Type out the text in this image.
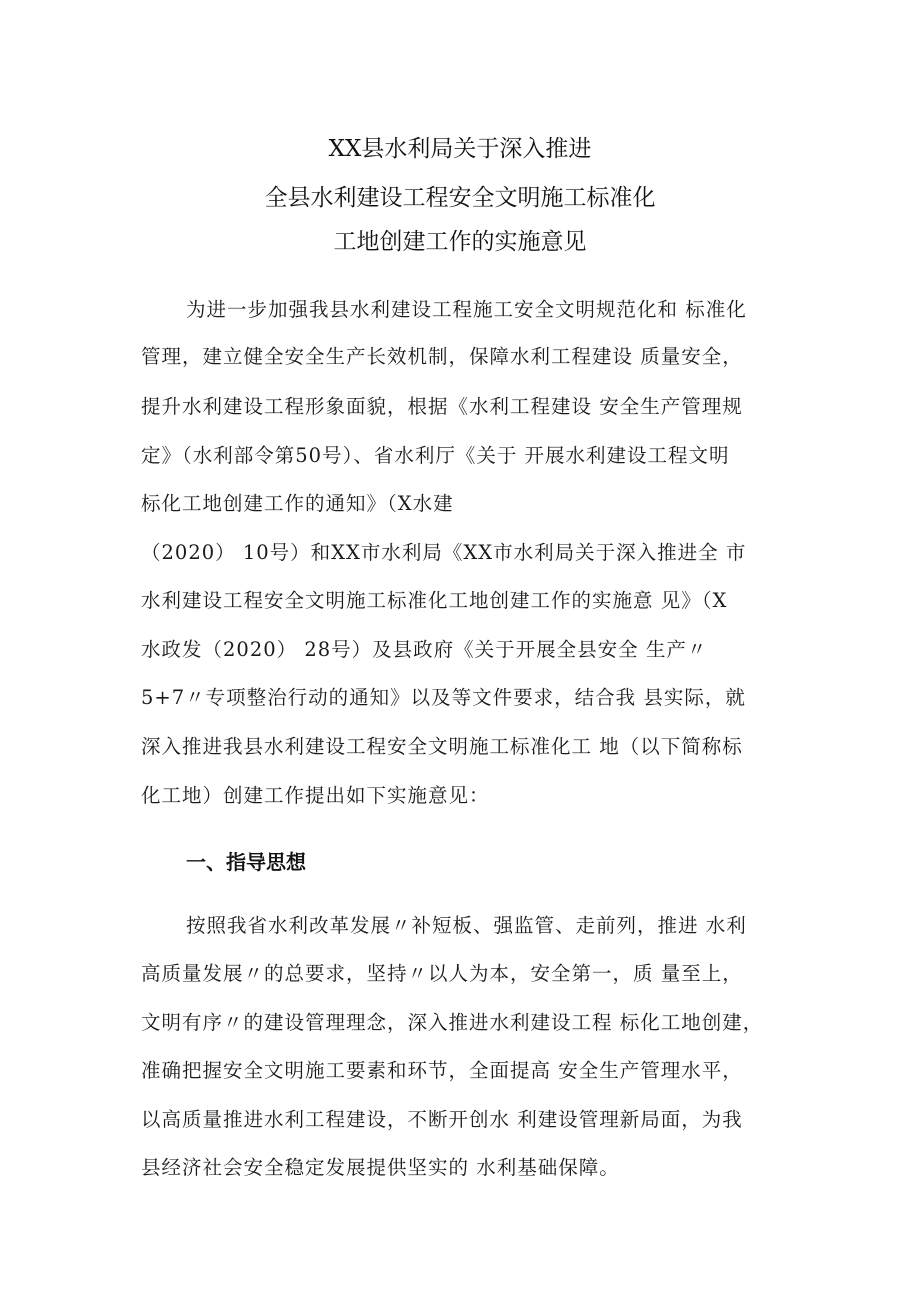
XX县水利局关于深入推进
全县水利建设工程安全文明施工标准化
工地创建工作的实施意见
为进一步加强我县水利建设工程施工安全文明规范化和 标准化
管理，建立健全安全生产长效机制，保障水利工程建设 质量安全，
提升水利建设工程形象面貌，根据《水利工程建设 安全生产管理规
定》（水利部令第50号）、省水利厅《关于 开展水利建设工程文明
标化工地创建工作的通知》（X水建
（2020） 10号）和XX市水利局《XX市水利局关于深入推进全 市
水利建设工程安全文明施工标准化工地创建工作的实施意 见》（X
水政发（2020） 28号）及县政府《关于开展全县安全 生产〃
5+7〃专项整治行动的通知》以及等文件要求，结合我 县实际，就
深入推进我县水利建设工程安全文明施工标准化工 地（以下简称标
化工地）创建工作提出如下实施意见：
一、指导思想
按照我省水利改革发展〃补短板、强监管、走前列，推进 水利
高质量发展〃的总要求，坚持〃以人为本，安全第一，质 量至上，
文明有序〃的建设管理理念，深入推进水利建设工程 标化工地创建，
准确把握安全文明施工要素和环节，全面提高 安全生产管理水平，
以高质量推进水利工程建设，不断开创水 利建设管理新局面，为我
县经济社会安全稳定发展提供坚实的 水利基础保障。
